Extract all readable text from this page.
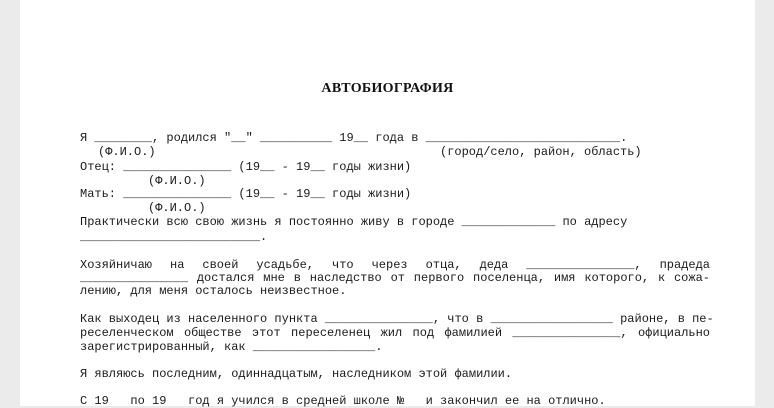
АВТОБИОГРАФИЯ
Я ________, родился "__" __________ 19__ года в ___________________________.
(Ф.И.О.)	(город/село, район, область)
Отец: _______________ (19__ - 19__ годы жизни)
(Ф.И.О.)
Мать: _______________ (19__ - 19__ годы жизни)
(Ф.И.О.)
Практически всю свою жизнь я постоянно живу в городе _____________ по адресу
_________________________.
Хозяйничаю на своей усадьбе, что через отца, деда _______________, прадеда
_______________ достался мне в наследство от первого поселенца, имя которого, к сожа-
лению, для меня осталось неизвестное.
Как выходец из населенного пункта _______________, что в _________________ районе, в пе-
реселенческом обществе этот переселенец жил под фамилией _______________, официально
зарегистрированный, как _________________.
Я являюсь последним, одиннадцатым, наследником этой фамилии.
С 19   по 19   год я учился в средней школе №   и закончил ее на отлично.
